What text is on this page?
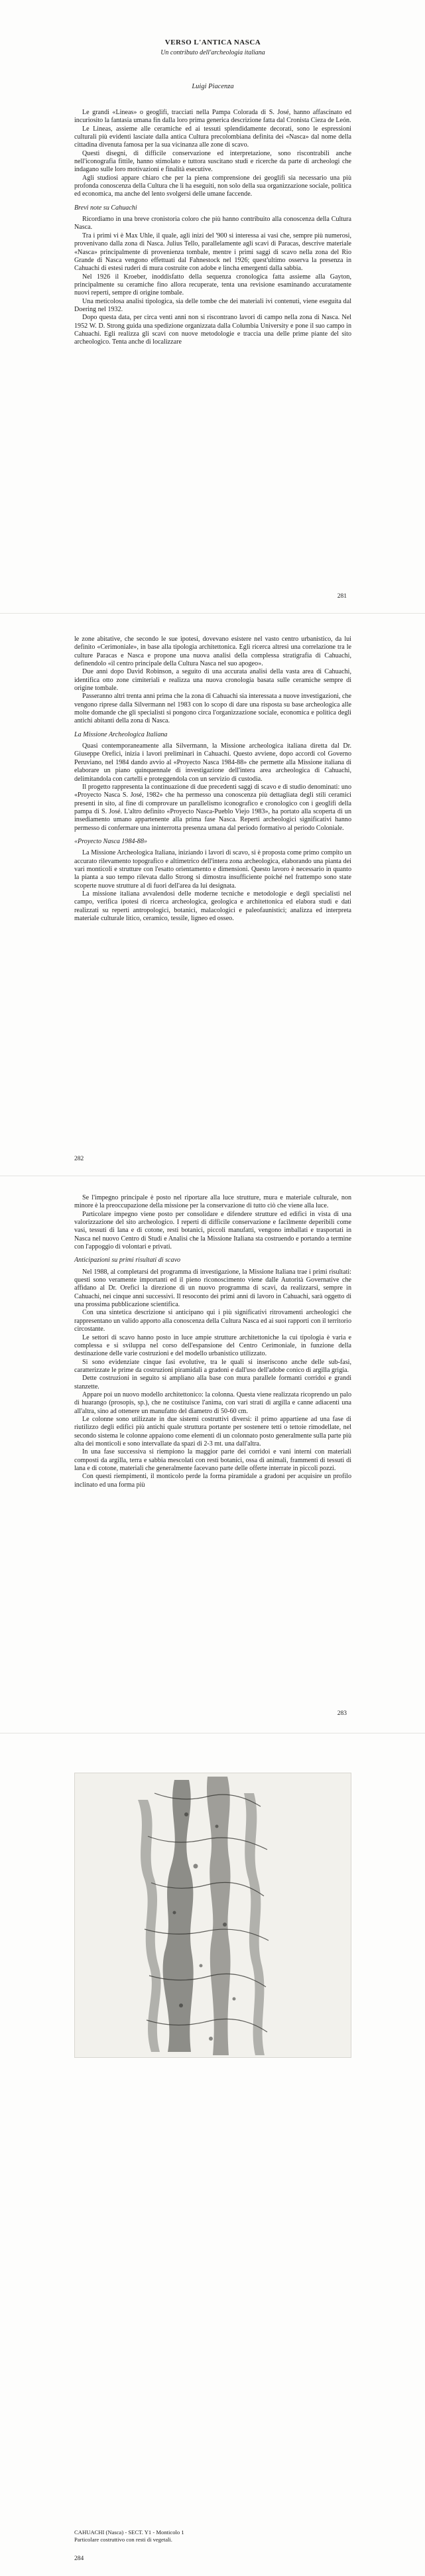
VERSO L'ANTICA NASCA
Un contributo dell'archeologia italiana
Luigi Piacenza

Le grandi «Lineas» o geoglifi, tracciati nella Pampa Colorada di S. José, hanno affascinato ed incuriosito la fantasia umana fin dalla loro prima generica descrizione fatta dal Cronista Cieza de León.

Le Lineas, assieme alle ceramiche ed ai tessuti splendidamente decorati, sono le espressioni culturali più evidenti lasciate dalla antica Cultura precolombiana definita dei «Nasca» dal nome della cittadina divenuta famosa per la sua vicinanza alle zone di scavo.

Questi disegni, di difficile conservazione ed interpretazione, sono riscontrabili anche nell'iconografia fittile, hanno stimolato e tuttora suscitano studi e ricerche da parte di archeologi che indagano sulle loro motivazioni e finalità esecutive.

Agli studiosi appare chiaro che per la piena comprensione dei geoglifi sia necessario una più profonda conoscenza della Cultura che li ha eseguiti, non solo della sua organizzazione sociale, politica ed economica, ma anche del lento svolgersi delle umane faccende.

Brevi note su Cahuachi

Ricordiamo in una breve cronistoria coloro che più hanno contribuito alla conoscenza della Cultura Nasca.

Tra i primi vi è Max Uhle, il quale, agli inizi del '900 si interessa ai vasi che, sempre più numerosi, provenivano dalla zona di Nasca. Julius Tello, parallelamente agli scavi di Paracas, descrive materiale «Nasca» principalmente di provenienza tombale, mentre i primi saggi di scavo nella zona del Rio Grande di Nasca vengono effettuati dal Fahnestock nel 1926; quest'ultimo osserva la presenza in Cahuachi di estesi ruderi di mura costruite con adobe e lincha emergenti dalla sabbia.

Nel 1926 il Kroeber, inoddisfatto della sequenza cronologica fatta assieme alla Gayton, principalmente su ceramiche fino allora recuperate, tenta una revisione esaminando accuratamente nuovi reperti, sempre di origine tombale.

Una meticolosa analisi tipologica, sia delle tombe che dei materiali ivi contenuti, viene eseguita dal Doering nel 1932.

Dopo questa data, per circa venti anni non si riscontrano lavori di campo nella zona di Nasca. Nel 1952 W. D. Strong guida una spedizione organizzata dalla Columbia University e pone il suo campo in Cahuachi. Egli realizza gli scavi con nuove metodologie e traccia una delle prime piante del sito archeologico. Tenta anche di localizzare

281

le zone abitative, che secondo le sue ipotesi, dovevano esistere nel vasto centro urbanistico, da lui definito «Cerimoniale», in base alla tipologia architettonica. Egli ricerca altresì una correlazione tra le culture Paracas e Nasca e propone una nuova analisi della complessa stratigrafia di Cahuachi, definendolo «il centro principale della Cultura Nasca nel suo apogeo».

Due anni dopo David Robinson, a seguito di una accurata analisi della vasta area di Cahuachi, identifica otto zone cimiteriali e realizza una nuova cronologia basata sulle ceramiche sempre di origine tombale.

Passeranno altri trenta anni prima che la zona di Cahuachi sia interessata a nuove investigazioni, che vengono riprese dalla Silvermann nel 1983 con lo scopo di dare una risposta su base archeologica alle molte domande che gli specialisti si pongono circa l'organizzazione sociale, economica e politica degli antichi abitanti della zona di Nasca.

La Missione Archeologica Italiana

Quasi contemporaneamente alla Silvermann, la Missione archeologica italiana diretta dal Dr. Giuseppe Orefici, inizia i lavori preliminari in Cahuachi. Questo avviene, dopo accordi col Governo Peruviano, nel 1984 dando avvio al «Proyecto Nasca 1984-88» che permette alla Missione italiana di elaborare un piano quinquennale di investigazione dell'intera area archeologica di Cahuachi, delimitandola con cartelli e proteggendola con un servizio di custodia.

Il progetto rappresenta la continuazione di due precedenti saggi di scavo e di studio denominati: uno «Proyecto Nasca S. José, 1982» che ha permesso una conoscenza più dettagliata degli stili ceramici presenti in sito, al fine di comprovare un parallelismo iconografico e cronologico con i geoglifi della pampa di S. José. L'altro definito «Proyecto Nasca-Pueblo Viejo 1983», ha portato alla scoperta di un insediamento umano appartenente alla prima fase Nasca. Reperti archeologici significativi hanno permesso di confermare una ininterrotta presenza umana dal periodo formativo al periodo Coloniale.

«Proyecto Nasca 1984-88»

La Missione Archeologica Italiana, iniziando i lavori di scavo, si è proposta come primo compito un accurato rilevamento topografico e altimetrico dell'intera zona archeologica, elaborando una pianta dei vari monticoli e strutture con l'esatto orientamento e dimensioni. Questo lavoro è necessario in quanto la pianta a suo tempo rilevata dallo Strong si dimostra insufficiente poiché nel frattempo sono state scoperte nuove strutture al di fuori dell'area da lui designata.

La missione italiana avvalendosi delle moderne tecniche e metodologie e degli specialisti nel campo, verifica ipotesi di ricerca archeologica, geologica e architettonica ed elabora studi e dati realizzati su reperti antropologici, botanici, malacologici e paleofaunistici; analizza ed interpreta materiale culturale litico, ceramico, tessile, ligneo ed osseo.

282

Se l'impegno principale è posto nel riportare alla luce strutture, mura e materiale culturale, non minore è la preoccupazione della missione per la conservazione di tutto ciò che viene alla luce.

Particolare impegno viene posto per consolidare e difendere strutture ed edifici in vista di una valorizzazione del sito archeologico. I reperti di difficile conservazione e facilmente deperibili come vasi, tessuti di lana e di cotone, resti botanici, piccoli manufatti, vengono imballati e trasportati in Nasca nel nuovo Centro di Studi e Analisi che la Missione Italiana sta costruendo e portando a termine con l'appoggio di volontari e privati.

Anticipazioni su primi risultati di scavo

Nel 1988, al completarsi del programma di investigazione, la Missione Italiana trae i primi risultati: questi sono veramente importanti ed il pieno riconoscimento viene dalle Autorità Governative che affidano al Dr. Orefici la direzione di un nuovo programma di scavi, da realizzarsi, sempre in Cahuachi, nei cinque anni successivi. Il resoconto dei primi anni di lavoro in Cahuachi, sarà oggetto di una prossima pubblicazione scientifica.

Con una sintetica descrizione si anticipano qui i più significativi ritrovamenti archeologici che rappresentano un valido apporto alla conoscenza della Cultura Nasca ed ai suoi rapporti con il territorio circostante.

Le settori di scavo hanno posto in luce ampie strutture architettoniche la cui tipologia è varia e complessa e si sviluppa nel corso dell'espansione del Centro Cerimoniale, in funzione della destinazione delle varie costruzioni e del modello urbanistico utilizzato.

Si sono evidenziate cinque fasi evolutive, tra le quali si inseriscono anche delle sub-fasi, caratterizzate le prime da costruzioni piramidali a gradoni e dall'uso dell'adobe conico di argilla grigia.

Dette costruzioni in seguito si ampliano alla base con mura parallele formanti corridoi e grandi stanzette.

Appare poi un nuovo modello architettonico: la colonna. Questa viene realizzata ricoprendo un palo di huarango (prosopis, sp.), che ne costituisce l'anima, con vari strati di argilla e canne adiacenti una all'altra, sino ad ottenere un manufatto del diametro di 50-60 cm.

Le colonne sono utilizzate in due sistemi costruttivi diversi: il primo appartiene ad una fase di riutilizzo degli edifici più antichi quale struttura portante per sostenere tetti o tettoie rimodellate, nel secondo sistema le colonne appaiono come elementi di un colonnato posto generalmente sulla parte più alta dei monticoli e sono intervallate da spazi di 2-3 mt. una dall'altra.

In una fase successiva si riempiono la maggior parte dei corridoi e vani interni con materiali composti da argilla, terra e sabbia mescolati con resti botanici, ossa di animali, frammenti di tessuti di lana e di cotone, materiali che generalmente facevano parte delle offerte interrate in piccoli pozzi.

Con questi riempimenti, il monticolo perde la forma piramidale a gradoni per acquisire un profilo inclinato ed una forma più

283
CAHUACHI (Nasca) - SECT. Y1 - Monticolo 1
Particolare costruttivo con resti di vegetali.
284
